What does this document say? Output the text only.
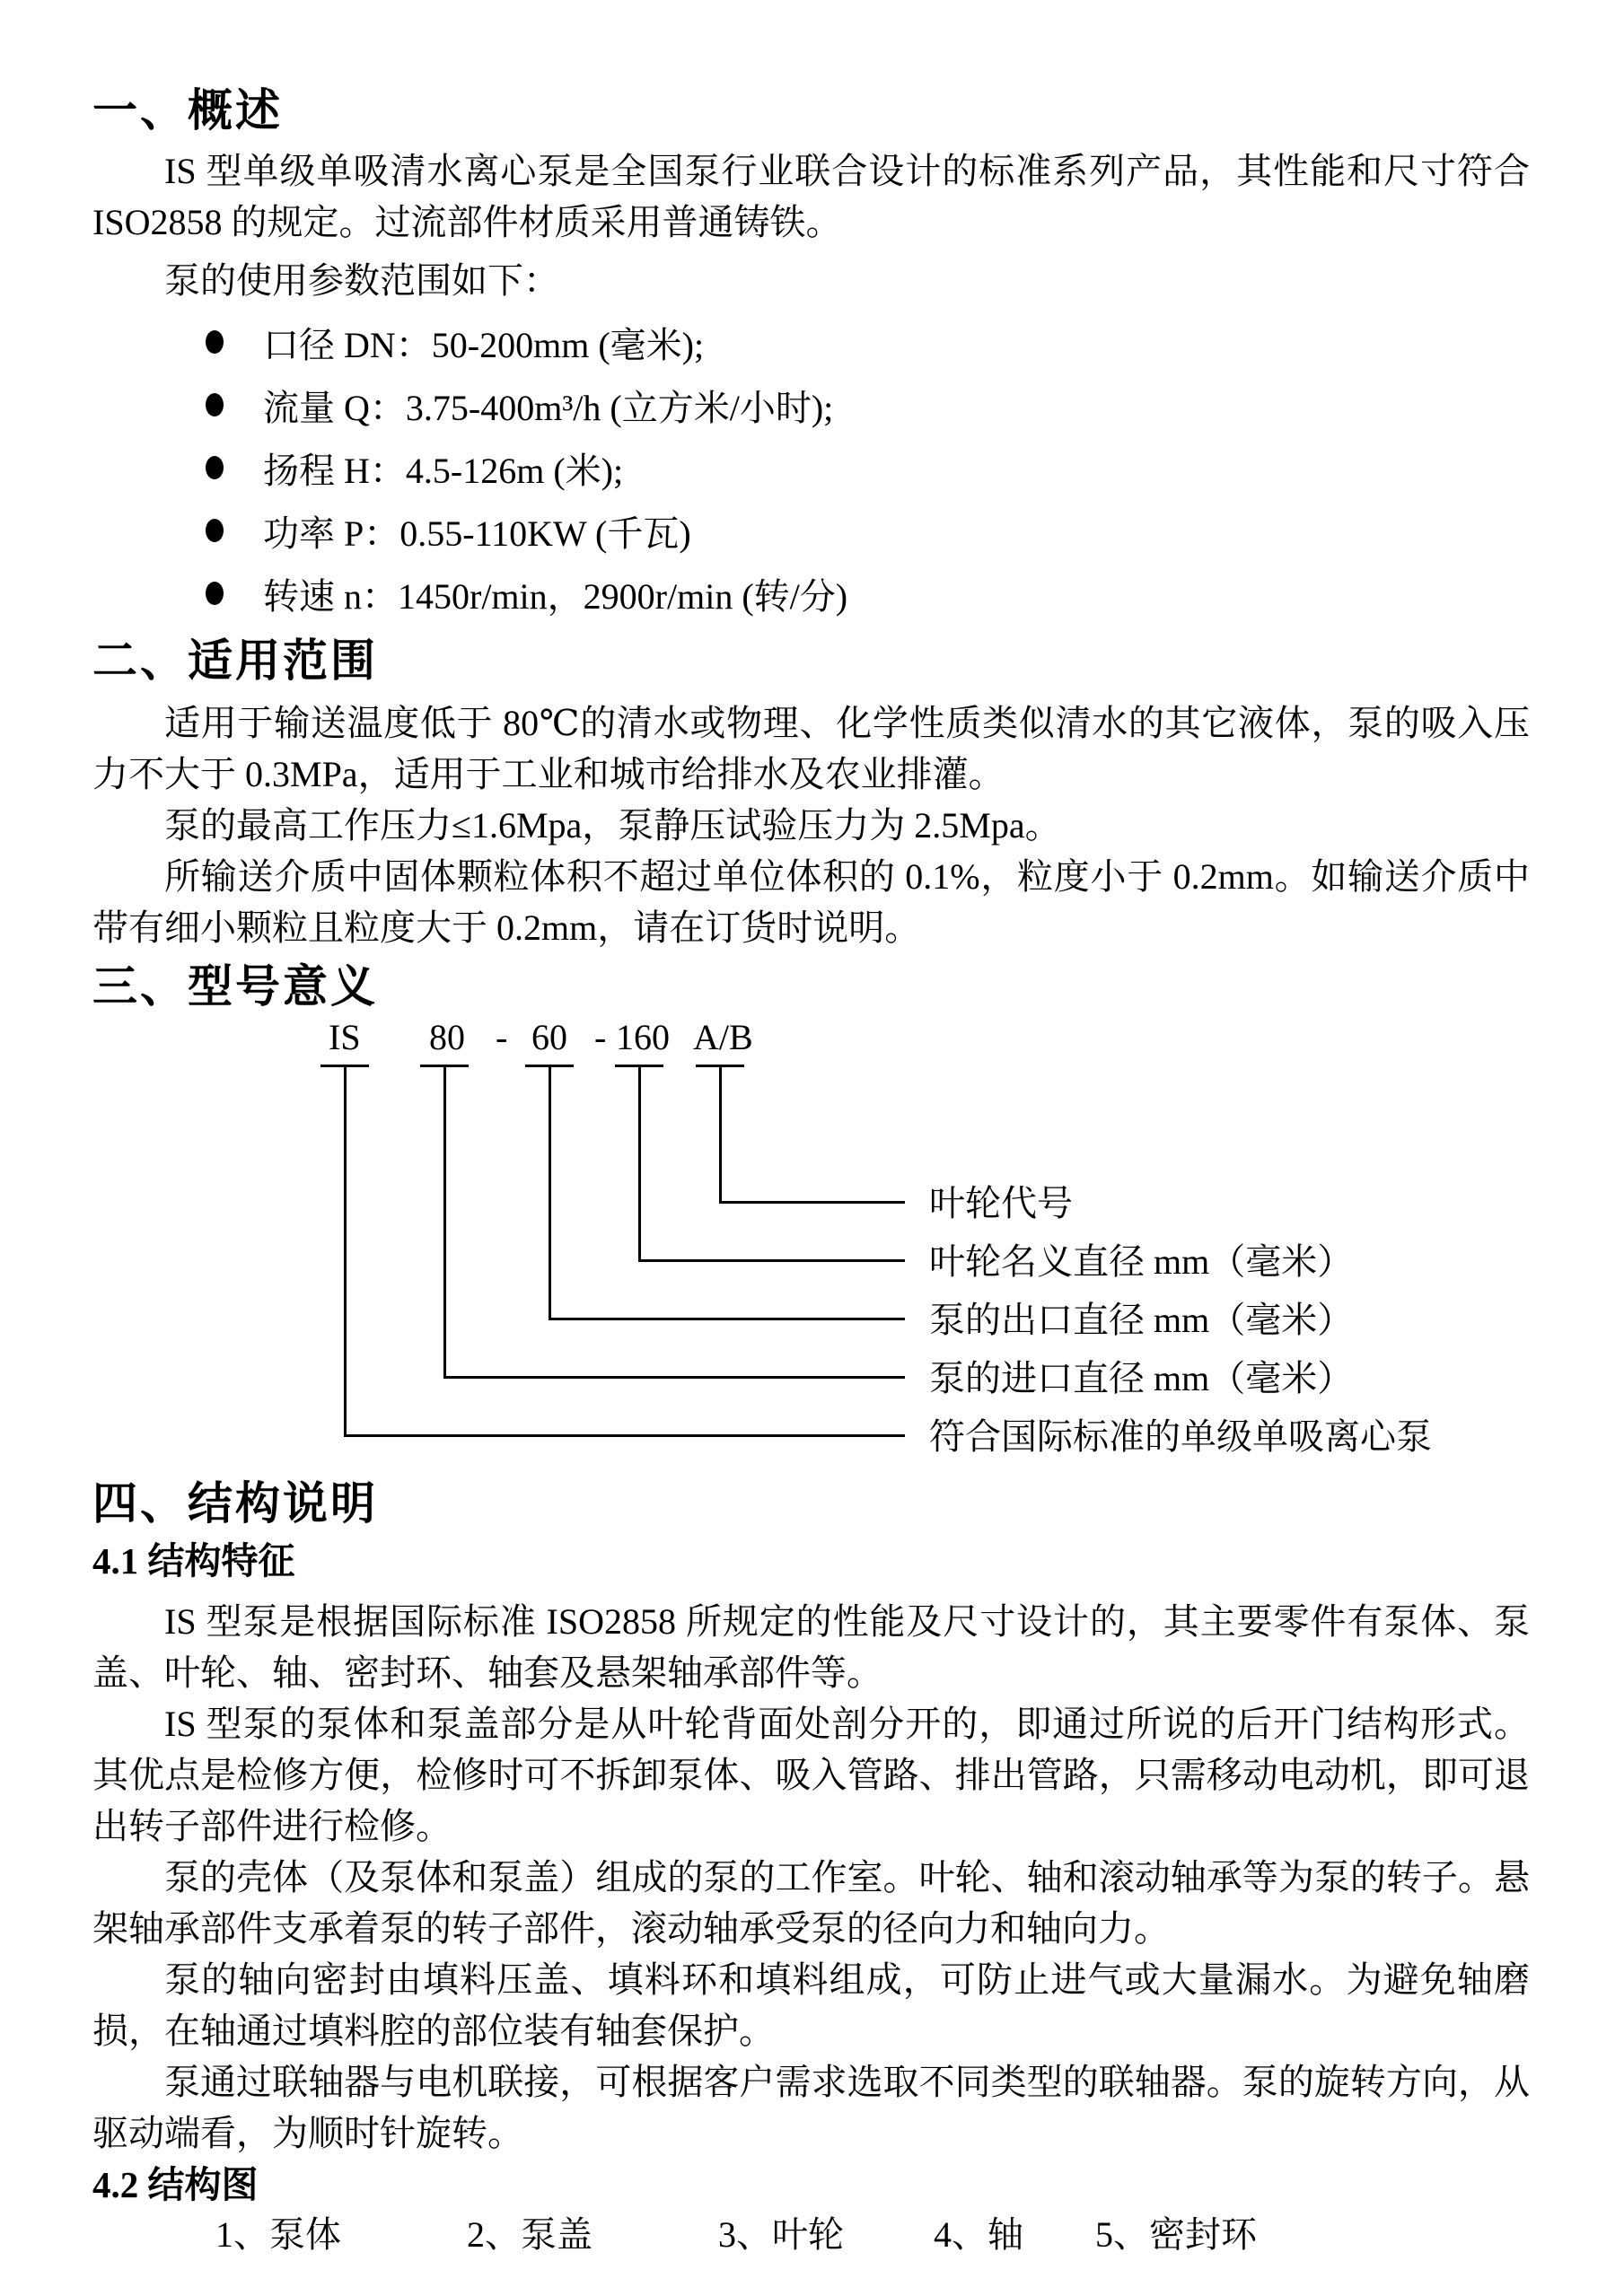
一、概述

IS 型单级单吸清水离心泵是全国泵行业联合设计的标准系列产品，其性能和尺寸符合 ISO2858 的规定。过流部件材质采用普通铸铁。

泵的使用参数范围如下：

口径 DN：50-200mm (毫米);
流量 Q：3.75-400m³/h (立方米/小时);
扬程 H：4.5-126m (米);
功率 P：0.55-110KW (千瓦)
转速 n：1450r/min，2900r/min (转/分)
二、适用范围

适用于输送温度低于 80℃的清水或物理、化学性质类似清水的其它液体，泵的吸入压力不大于 0.3MPa，适用于工业和城市给排水及农业排灌。

泵的最高工作压力≤1.6Mpa，泵静压试验压力为 2.5Mpa。

所输送介质中固体颗粒体积不超过单位体积的 0.1%，粒度小于 0.2mm。如输送介质中带有细小颗粒且粒度大于 0.2mm，请在订货时说明。

三、型号意义
IS 80 - 60 - 160 A/B
叶轮代号
叶轮名义直径 mm（毫米）
泵的出口直径 mm（毫米）
泵的进口直径 mm（毫米）
符合国际标准的单级单吸离心泵
四、结构说明
4.1 结构特征

IS 型泵是根据国际标准 ISO2858 所规定的性能及尺寸设计的，其主要零件有泵体、泵盖、叶轮、轴、密封环、轴套及悬架轴承部件等。

IS 型泵的泵体和泵盖部分是从叶轮背面处剖分开的，即通过所说的后开门结构形式。其优点是检修方便，检修时可不拆卸泵体、吸入管路、排出管路，只需移动电动机，即可退出转子部件进行检修。

泵的壳体（及泵体和泵盖）组成的泵的工作室。叶轮、轴和滚动轴承等为泵的转子。悬架轴承部件支承着泵的转子部件，滚动轴承受泵的径向力和轴向力。

泵的轴向密封由填料压盖、填料环和填料组成，可防止进气或大量漏水。为避免轴磨损，在轴通过填料腔的部位装有轴套保护。

泵通过联轴器与电机联接，可根据客户需求选取不同类型的联轴器。泵的旋转方向，从驱动端看，为顺时针旋转。

4.2 结构图
1、泵体	2、泵盖	3、叶轮	4、轴 5、密封环
